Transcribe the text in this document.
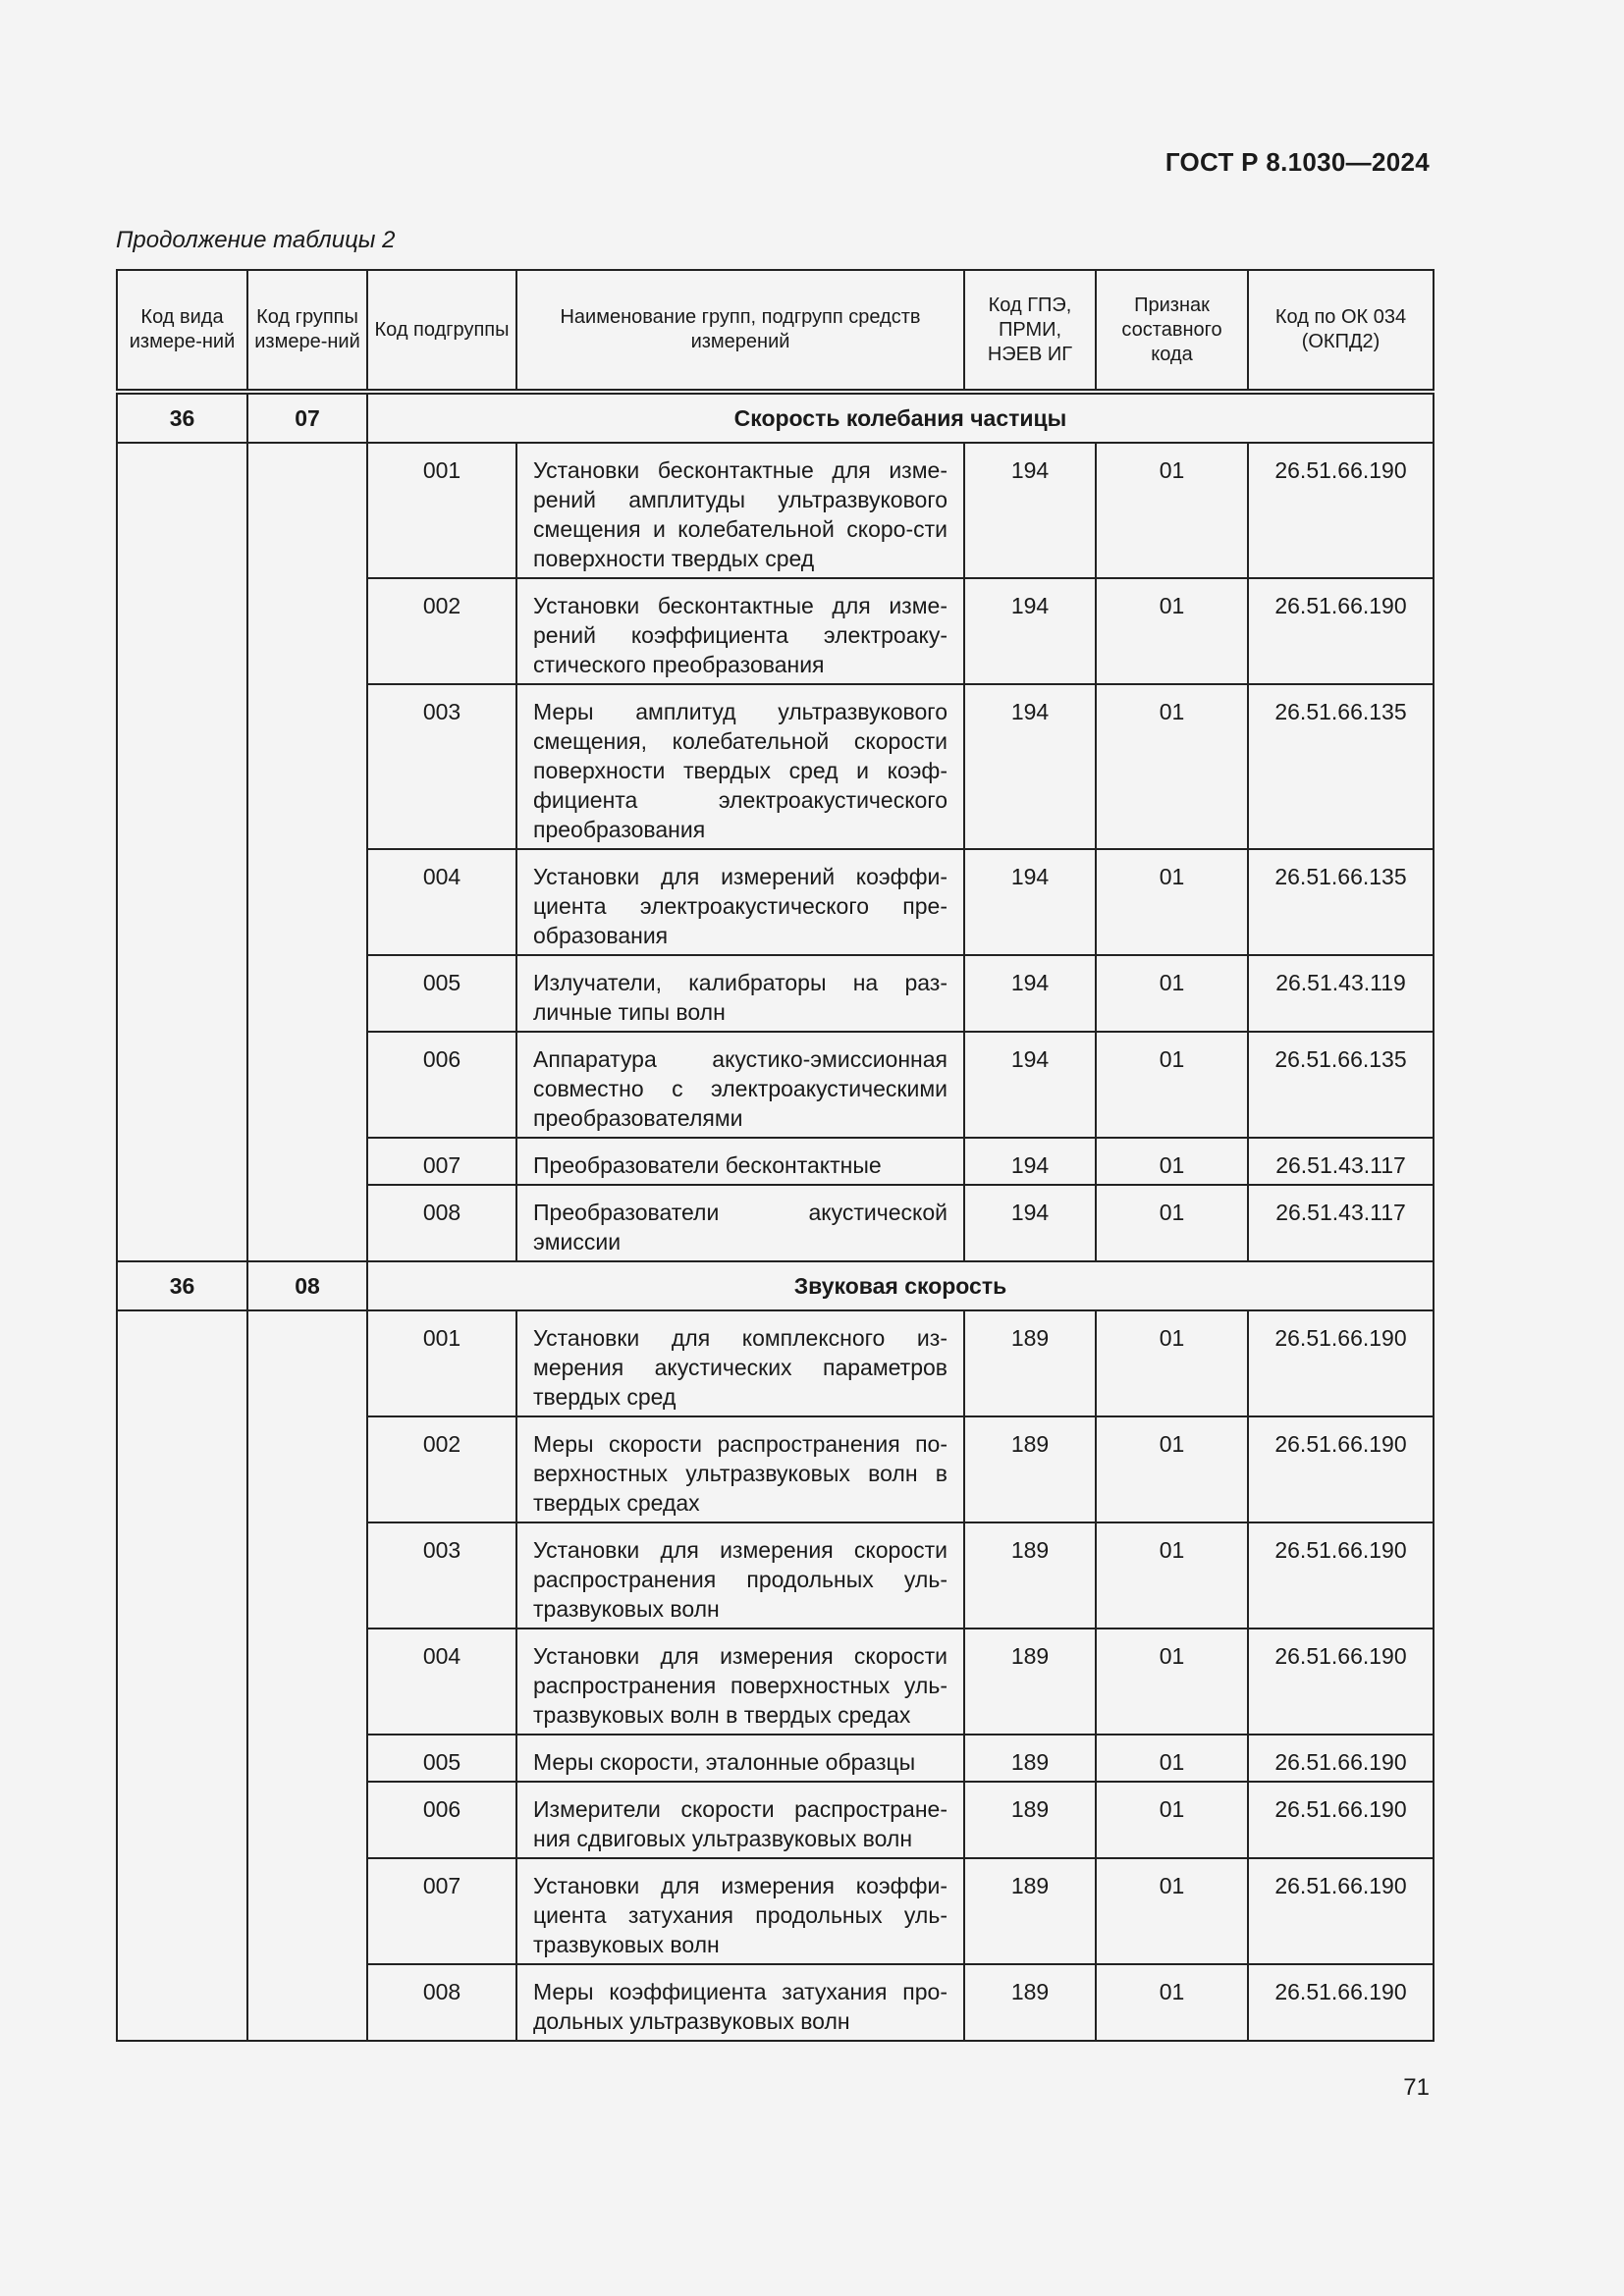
ГОСТ Р 8.1030—2024
Продолжение таблицы 2
Код вида измере-ний	Код группы измере-ний	Код подгруппы	Наименование групп, подгрупп средств измерений	Код ГПЭ, ПРМИ, НЭЕВ ИГ	Признак составного кода	Код по ОК 034 (ОКПД2)
36	07	Скорость колебания частицы				
		001	Установки бесконтактные для изме-рений амплитуды ультразвукового смещения и колебательной скоро-сти поверхности твердых сред	194	01	26.51.66.190
		002	Установки бесконтактные для изме-рений коэффициента электроаку-стического преобразования	194	01	26.51.66.190
		003	Меры амплитуд ультразвукового смещения, колебательной скорости поверхности твердых сред и коэф-фициента электроакустического преобразования	194	01	26.51.66.135
		004	Установки для измерений коэффи-циента электроакустического пре-образования	194	01	26.51.66.135
		005	Излучатели, калибраторы на раз-личные типы волн	194	01	26.51.43.119
		006	Аппаратура акустико-эмиссионная совместно с электроакустическими преобразователями	194	01	26.51.66.135
		007	Преобразователи бесконтактные	194	01	26.51.43.117
		008	Преобразователи акустической эмиссии	194	01	26.51.43.117
36	08	Звуковая скорость				
		001	Установки для комплексного из-мерения акустических параметров твердых сред	189	01	26.51.66.190
		002	Меры скорости распространения по-верхностных ультразвуковых волн в твердых средах	189	01	26.51.66.190
		003	Установки для измерения скорости распространения продольных уль-тразвуковых волн	189	01	26.51.66.190
		004	Установки для измерения скорости распространения поверхностных уль-тразвуковых волн в твердых средах	189	01	26.51.66.190
		005	Меры скорости, эталонные образцы	189	01	26.51.66.190
		006	Измерители скорости распростране-ния сдвиговых ультразвуковых волн	189	01	26.51.66.190
		007	Установки для измерения коэффи-циента затухания продольных уль-тразвуковых волн	189	01	26.51.66.190
		008	Меры коэффициента затухания про-дольных ультразвуковых волн	189	01	26.51.66.190
71
